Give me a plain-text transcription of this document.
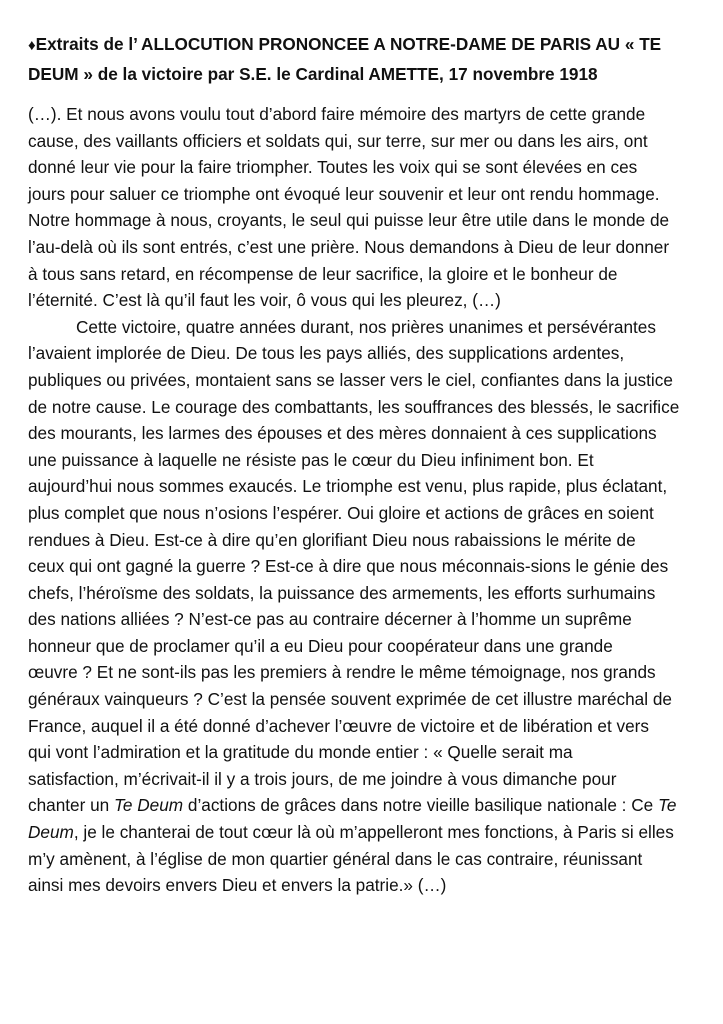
♦Extraits de l’ ALLOCUTION PRONONCEE A NOTRE-DAME DE PARIS AU « TE
DEUM » de la victoire par S.E. le Cardinal AMETTE, 17 novembre 1918
(…). Et nous avons voulu tout d’abord faire mémoire des martyrs de cette grande
cause, des vaillants officiers et soldats qui, sur terre, sur mer ou dans les airs, ont
donné leur vie pour la faire triompher. Toutes les voix qui se sont élevées en ces
jours pour saluer ce triomphe ont évoqué leur souvenir et leur ont rendu hommage.
Notre hommage à nous, croyants, le seul qui puisse leur être utile dans le monde de
l’au-delà où ils sont entrés, c’est une prière. Nous demandons à Dieu de leur donner
à tous sans retard, en récompense de leur sacrifice, la gloire et le bonheur de
l’éternité. C’est là qu’il faut les voir, ô vous qui les pleurez, (…)
Cette victoire, quatre années durant, nos prières unanimes et persévérantes
l’avaient implorée de Dieu. De tous les pays alliés, des supplications ardentes,
publiques ou privées, montaient sans se lasser vers le ciel, confiantes dans la justice
de notre cause. Le courage des combattants, les souffrances des blessés, le sacrifice
des mourants, les larmes des épouses et des mères donnaient à ces supplications
une puissance à laquelle ne résiste pas le cœur du Dieu infiniment bon. Et
aujourd’hui nous sommes exaucés. Le triomphe est venu, plus rapide, plus éclatant,
plus complet que nous n’osions l’espérer. Oui gloire et actions de grâces en soient
rendues à Dieu. Est-ce à dire qu’en glorifiant Dieu nous rabaissions le mérite de
ceux qui ont gagné la guerre ? Est-ce à dire que nous méconnais-sions le génie des
chefs, l’héroïsme des soldats, la puissance des armements, les efforts surhumains
des nations alliées ? N’est-ce pas au contraire décerner à l’homme un suprême
honneur que de proclamer qu’il a eu Dieu pour coopérateur dans une grande
œuvre ? Et ne sont-ils pas les premiers à rendre le même témoignage, nos grands
généraux vainqueurs ? C’est la pensée souvent exprimée de cet illustre maréchal de
France, auquel il a été donné d’achever l’œuvre de victoire et de libération et vers
qui vont l’admiration et la gratitude du monde entier : « Quelle serait ma
satisfaction, m’écrivait-il il y a trois jours, de me joindre à vous dimanche pour
chanter un Te Deum d’actions de grâces dans notre vieille basilique nationale : Ce Te
Deum, je le chanterai de tout cœur là où m’appelleront mes fonctions, à Paris si elles
m’y amènent, à l’église de mon quartier général dans le cas contraire, réunissant
ainsi mes devoirs envers Dieu et envers la patrie.» (…)
